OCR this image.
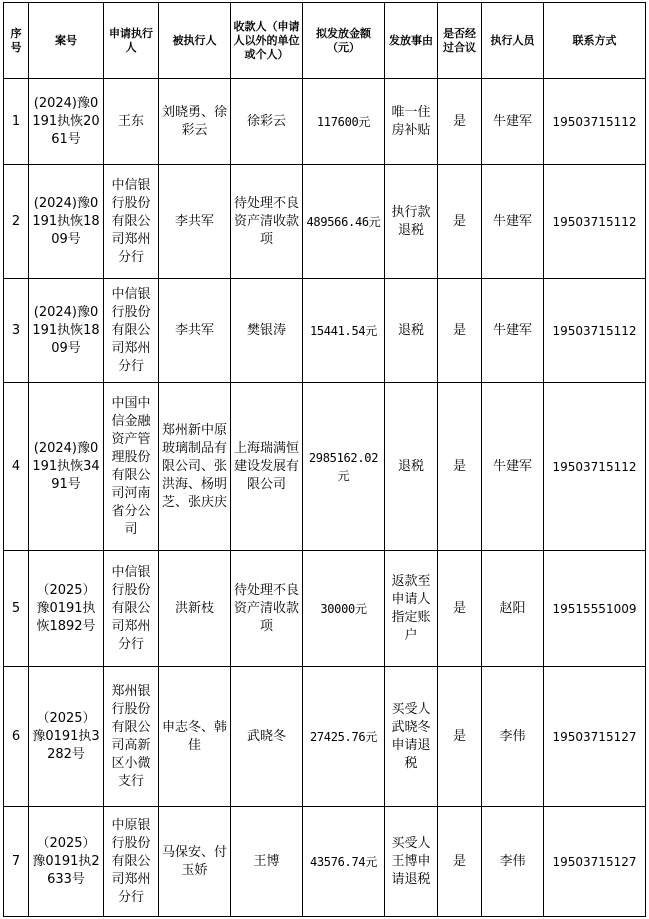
序号	案号	申请执行人	被执行人	收款人（申请人以外的单位或个人）	拟发放金额（元）	发放事由	是否经过合议	执行人员	联系方式
1	(2024)豫0191执恢2061号	王东	刘晓勇、徐彩云	徐彩云	117600元	唯一住房补贴	是	牛建军	19503715112
2	(2024)豫0191执恢1809号	中信银行股份有限公司郑州分行	李共军	待处理不良资产清收款项	489566.46元	执行款退税	是	牛建军	19503715112
3	(2024)豫0191执恢1809号	中信银行股份有限公司郑州分行	李共军	樊银涛	15441.54元	退税	是	牛建军	19503715112
4	(2024)豫0191执恢3491号	中国中信金融资产管理股份有限公司河南省分公司	郑州新中原玻璃制品有限公司、张洪海、杨明芝、张庆庆	上海瑞满恒建设发展有限公司	2985162.02元	退税	是	牛建军	19503715112
5	（2025）豫0191执恢1892号	中信银行股份有限公司郑州分行	洪新枝	待处理不良资产清收款项	30000元	返款至申请人指定账户	是	赵阳	19515551009
6	（2025）豫0191执3282号	郑州银行股份有限公司高新区小微支行	申志冬、韩佳	武晓冬	27425.76元	买受人武晓冬申请退税	是	李伟	19503715127
7	（2025）豫0191执2633号	中原银行股份有限公司郑州分行	马保安、付玉娇	王博	43576.74元	买受人王博申请退税	是	李伟	19503715127
